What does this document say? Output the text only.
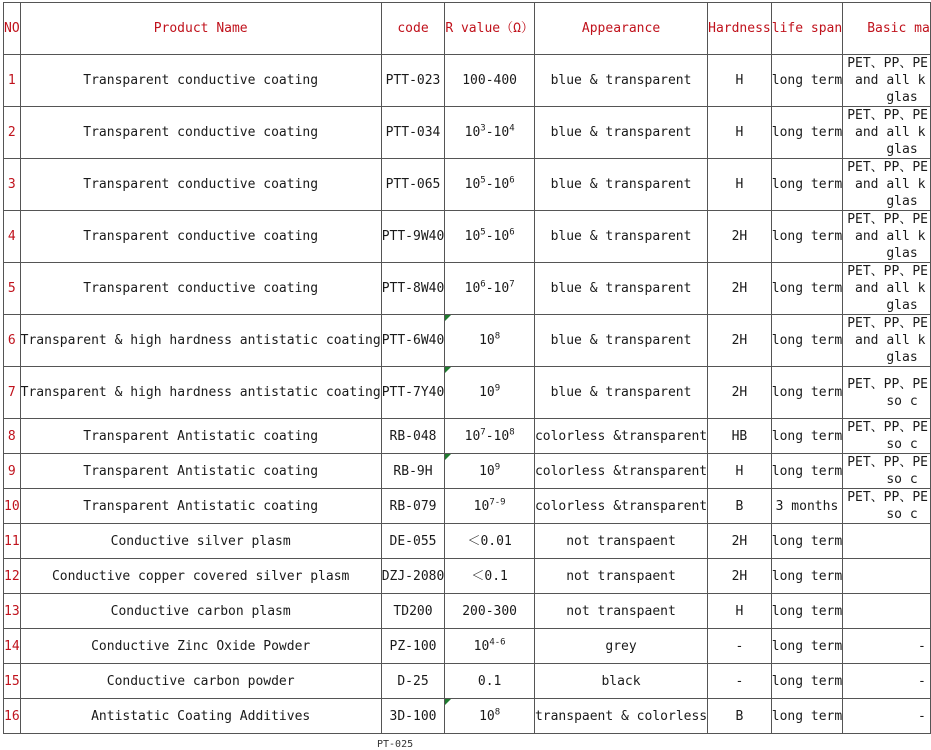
NO	Product Name	code	R value（Ω）	Appearance	Hardness	life span	Basic ma
1	Transparent conductive coating	PTT-023	100-400	blue & transparent	H	long term	PET、PP、PE
and all k
glas
2	Transparent conductive coating	PTT-034	$10^3-10^4$	blue & transparent	H	long term	PET、PP、PE
and all k
glas
3	Transparent conductive coating	PTT-065	$10^5-10^6$	blue & transparent	H	long term	PET、PP、PE
and all k
glas
4	Transparent conductive coating	PTT-9W40	$10^5-10^6$	blue & transparent	2H	long term	PET、PP、PE
and all k
glas
5	Transparent conductive coating	PTT-8W40	$10^6-10^7$	blue & transparent	2H	long term	PET、PP、PE
and all k
glas
6	Transparent & high hardness antistatic coating	PTT-6W40	$10^8$	blue & transparent	2H	long term	PET、PP、PE
and all k
glas
7	Transparent & high hardness antistatic coating	PTT-7Y40	$10^9$	blue & transparent	2H	long term	PET、PP、PE
so c
8	Transparent Antistatic coating	RB-048	$10^7-10^8$	colorless &transparent	HB	long term	PET、PP、PE
so c
9	Transparent Antistatic coating	RB-9H	$10^9$	colorless &transparent	H	long term	PET、PP、PE
so c
10	Transparent Antistatic coating	RB-079	10$^{7-9}$	colorless &transparent	B	3 months	PET、PP、PE
so c
11	Conductive silver plasm	DE-055	＜0.01	not transpaent	2H	long term	
12	Conductive copper covered silver plasm	DZJ-2080	＜0.1	not transpaent	2H	long term	
13	Conductive carbon plasm	TD200	200-300	not transpaent	H	long term	
14	Conductive Zinc Oxide Powder	PZ-100	10$^{4-6}$	grey	-	long term	-
15	Conductive carbon powder	D-25	0.1	black	-	long term	-
16	Antistatic Coating Additives	3D-100	$10^8$	transpaent & colorless	B	long term	-
PT-025
